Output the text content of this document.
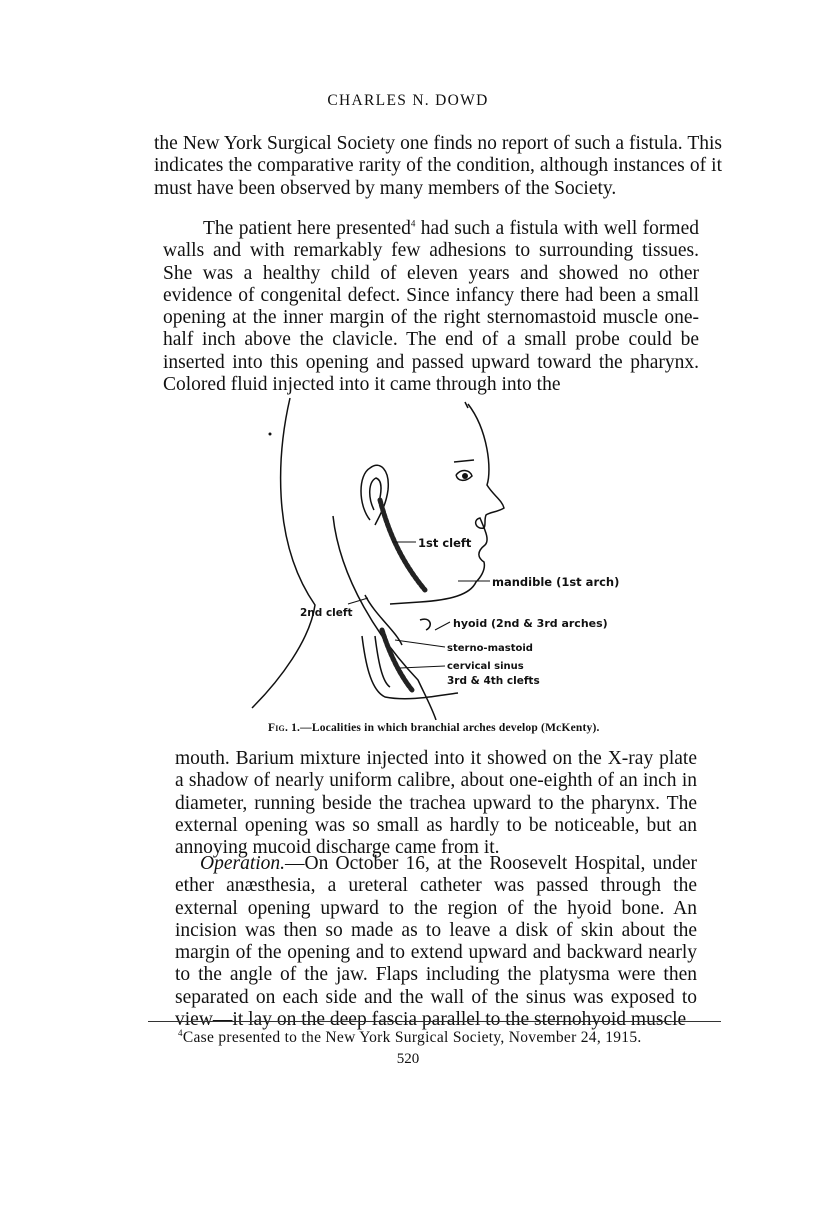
CHARLES N. DOWD

the New York Surgical Society one finds no report of such a fistula. This indicates the comparative rarity of the condition, although instances of it must have been observed by many members of the Society.

The patient here presented$^4$ had such a fistula with well formed walls and with remarkably few adhesions to surrounding tissues. She was a healthy child of eleven years and showed no other evidence of congenital defect. Since infancy there had been a small opening at the inner margin of the right sternomastoid muscle one-half inch above the clavicle. The end of a small probe could be inserted into this opening and passed upward toward the pharynx. Colored fluid injected into it came through into the

1st cleft
mandible (1st arch)
2nd cleft
hyoid (2nd & 3rd arches)
sterno-mastoid
cervical sinus
3rd & 4th clefts
Fig. 1.—Localities in which branchial arches develop (McKenty).

mouth. Barium mixture injected into it showed on the X-ray plate a shadow of nearly uniform calibre, about one-eighth of an inch in diameter, running beside the trachea upward to the pharynx. The external opening was so small as hardly to be noticeable, but an annoying mucoid discharge came from it.

Operation.—On October 16, at the Roosevelt Hospital, under ether anæsthesia, a ureteral catheter was passed through the external opening upward to the region of the hyoid bone. An incision was then so made as to leave a disk of skin about the margin of the opening and to extend upward and backward nearly to the angle of the jaw. Flaps including the platysma were then separated on each side and the wall of the sinus was exposed to view—it lay on the deep fascia parallel to the sternohyoid muscle

$^4$Case presented to the New York Surgical Society, November 24, 1915.
520
